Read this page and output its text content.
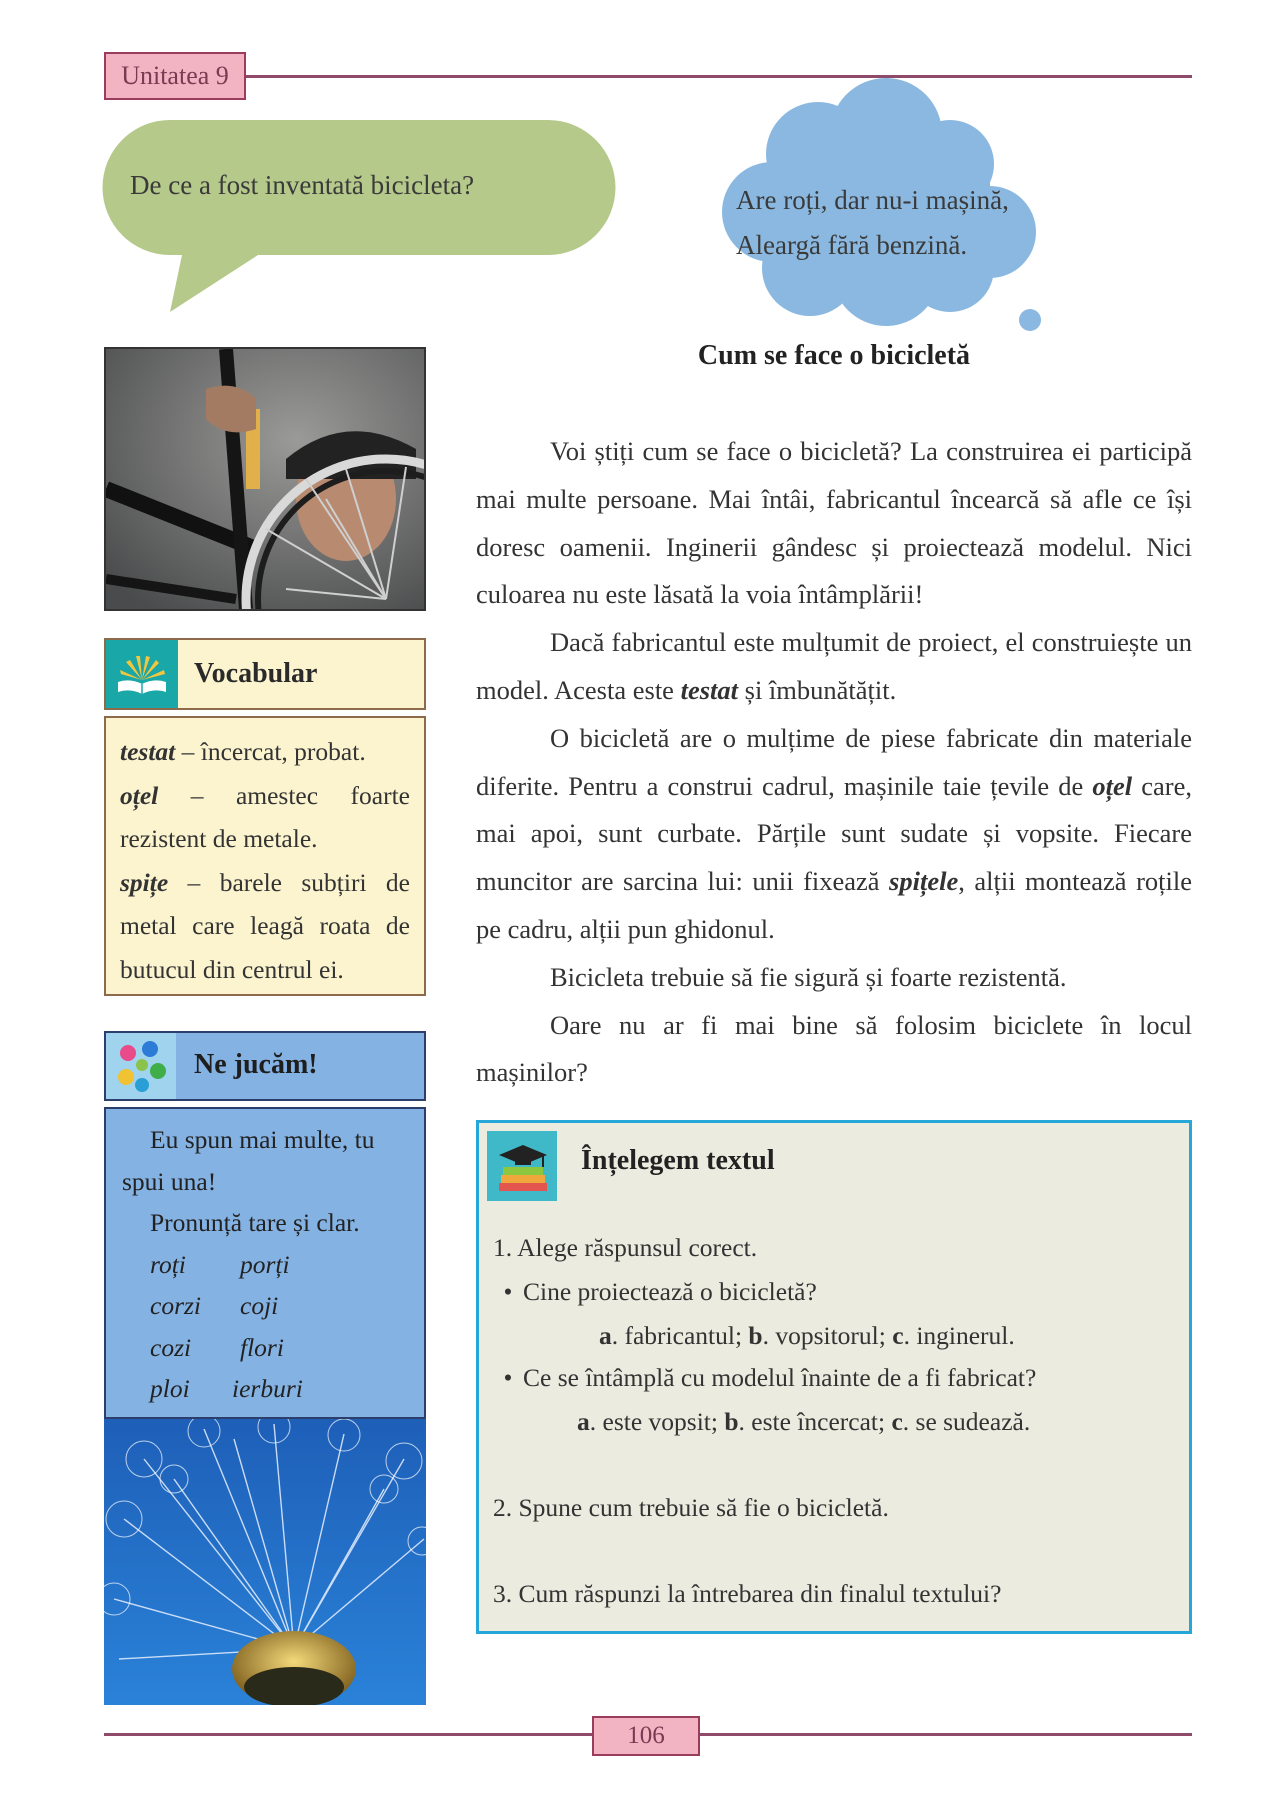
Unitatea 9
De ce a fost inventată bicicleta?	Are roți, dar nu-i mașină,
Aleargă fără benzină.
Vocabular
testat – încercat, probat.
oțel – amestec foarte rezistent de metale.
spițe – barele subțiri de metal care leagă roata de butucul din centrul ei.
Ne jucăm!
Eu spun mai multe, tu spui una!
Pronunță tare și clar.
roți porți
corzi coji
cozi flori
ploi ierburi
Cum se face o bicicletă

Voi știți cum se face o bicicletă? La construirea ei participă mai multe persoane. Mai întâi, fabricantul încearcă să afle ce își doresc oamenii. Inginerii gândesc și proiectează modelul. Nici culoarea nu este lăsată la voia întâmplării!

Dacă fabricantul este mulțumit de proiect, el construiește un model. Acesta este testat și îmbunătățit.

O bicicletă are o mulțime de piese fabricate din materiale diferite. Pentru a construi cadrul, mașinile taie țevile de oțel care, mai apoi, sunt curbate. Părțile sunt sudate și vopsite. Fiecare muncitor are sarcina lui: unii fixează spițele, alții montează roțile pe cadru, alții pun ghidonul.

Bicicleta trebuie să fie sigură și foarte rezistentă.

Oare nu ar fi mai bine să folosim biciclete în locul mașinilor?

Înțelegem textul
1. Alege răspunsul corect.
• Cine proiectează o bicicletă?
a. fabricantul; b. vopsitorul; c. inginerul.
• Ce se întâmplă cu modelul înainte de a fi fabricat?
a. este vopsit; b. este încercat; c. se sudează.
2. Spune cum trebuie să fie o bicicletă.
3. Cum răspunzi la întrebarea din finalul textului?
106
